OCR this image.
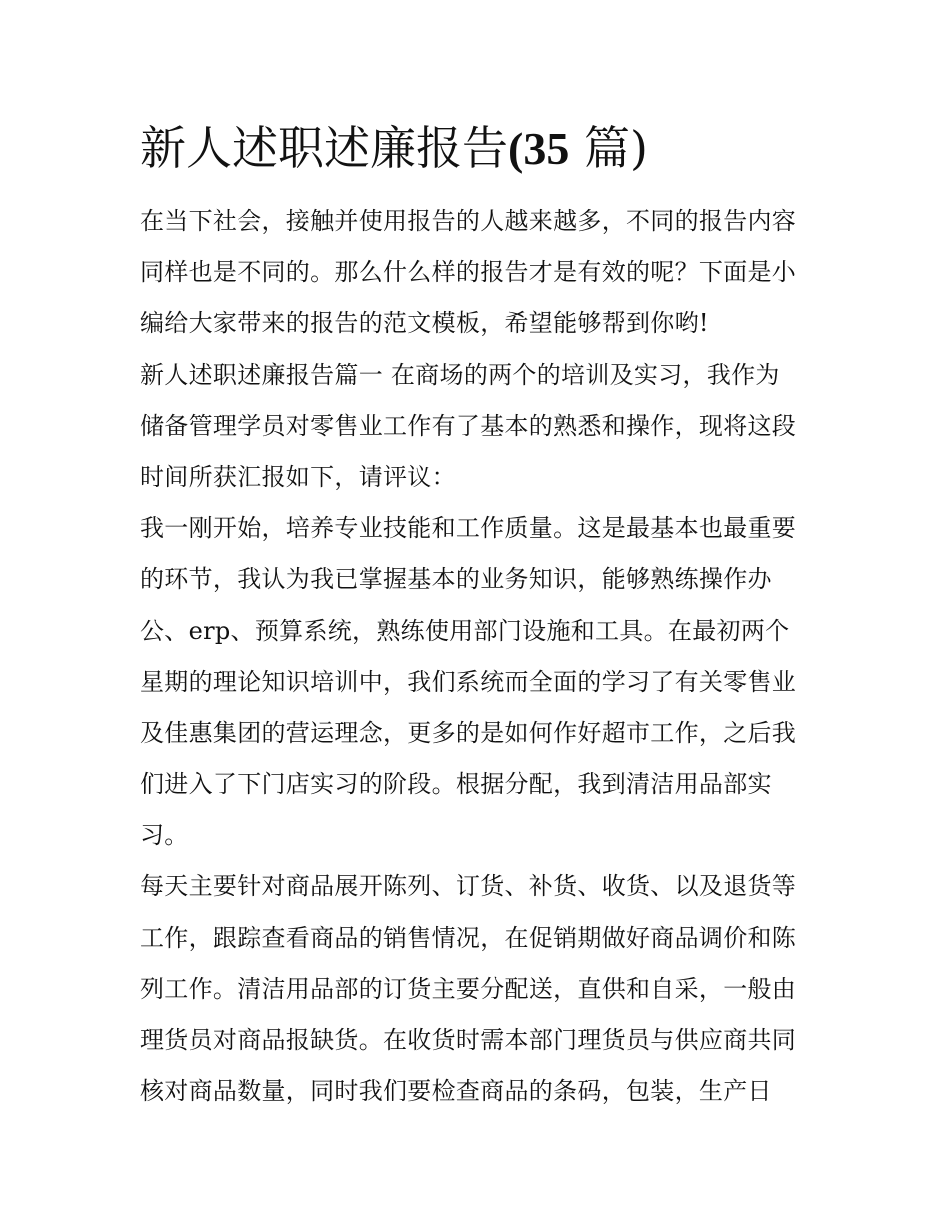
新人述职述廉报告(35 篇)
在当下社会，接触并使用报告的人越来越多，不同的报告内容
同样也是不同的。那么什么样的报告才是有效的呢？下面是小
编给大家带来的报告的范文模板，希望能够帮到你哟!
新人述职述廉报告篇一 在商场的两个的培训及实习，我作为
储备管理学员对零售业工作有了基本的熟悉和操作，现将这段
时间所获汇报如下，请评议：
我一刚开始，培养专业技能和工作质量。这是最基本也最重要
的环节，我认为我已掌握基本的业务知识，能够熟练操作办
公、erp、预算系统，熟练使用部门设施和工具。在最初两个
星期的理论知识培训中，我们系统而全面的学习了有关零售业
及佳惠集团的营运理念，更多的是如何作好超市工作，之后我
们进入了下门店实习的阶段。根据分配，我到清洁用品部实
习。
每天主要针对商品展开陈列、订货、补货、收货、以及退货等
工作，跟踪查看商品的销售情况，在促销期做好商品调价和陈
列工作。清洁用品部的订货主要分配送，直供和自采，一般由
理货员对商品报缺货。在收货时需本部门理货员与供应商共同
核对商品数量，同时我们要检查商品的条码，包装，生产日
